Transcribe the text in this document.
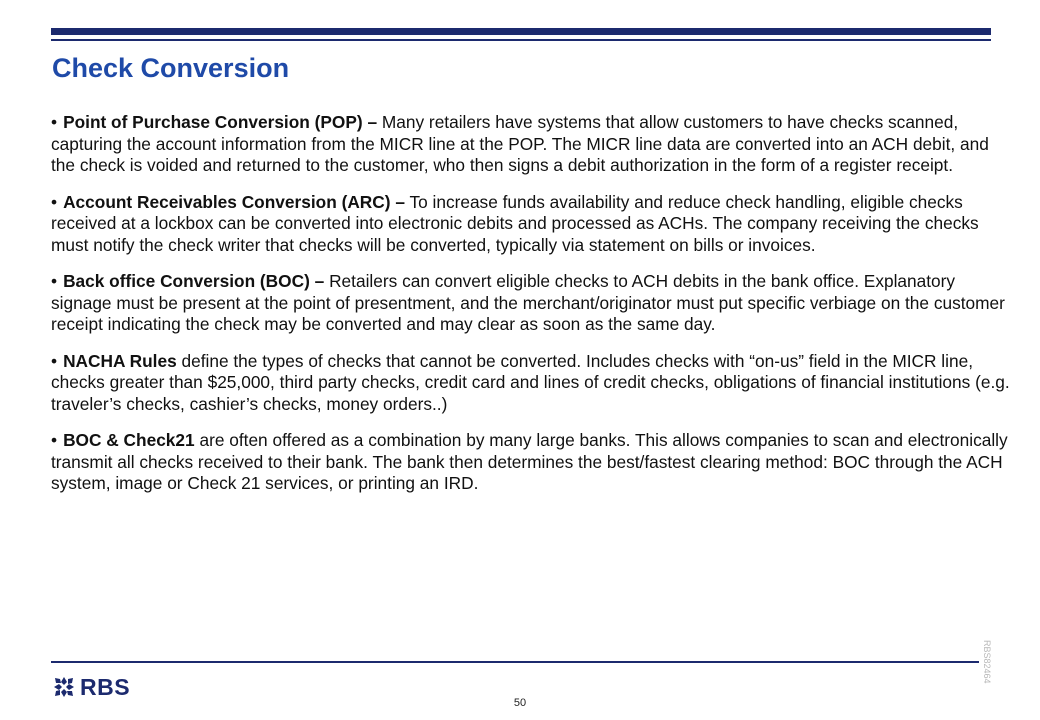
Check Conversion

• Point of Purchase Conversion (POP) – Many retailers have systems that allow customers to have checks scanned, capturing the account information from the MICR line at the POP. The MICR line data are converted into an ACH debit, and the check is voided and returned to the customer, who then signs a debit authorization in the form of a register receipt.

• Account Receivables Conversion (ARC) – To increase funds availability and reduce check handling, eligible checks received at a lockbox can be converted into electronic debits and processed as ACHs. The company receiving the checks must notify the check writer that checks will be converted, typically via statement on bills or invoices.

• Back office Conversion (BOC) – Retailers can convert eligible checks to ACH debits in the bank office. Explanatory signage must be present at the point of presentment, and the merchant/originator must put specific verbiage on the customer receipt indicating the check may be converted and may clear as soon as the same day.

• NACHA Rules define the types of checks that cannot be converted. Includes checks with “on-us” field in the MICR line, checks greater than $25,000, third party checks, credit card and lines of credit checks, obligations of financial institutions (e.g. traveler’s checks, cashier’s checks, money orders..)

• BOC & Check21 are often offered as a combination by many large banks. This allows companies to scan and electronically transmit all checks received to their bank. The bank then determines the best/fastest clearing method: BOC through the ACH system, image or Check 21 services, or printing an IRD.

RBS82464
RBS
50
